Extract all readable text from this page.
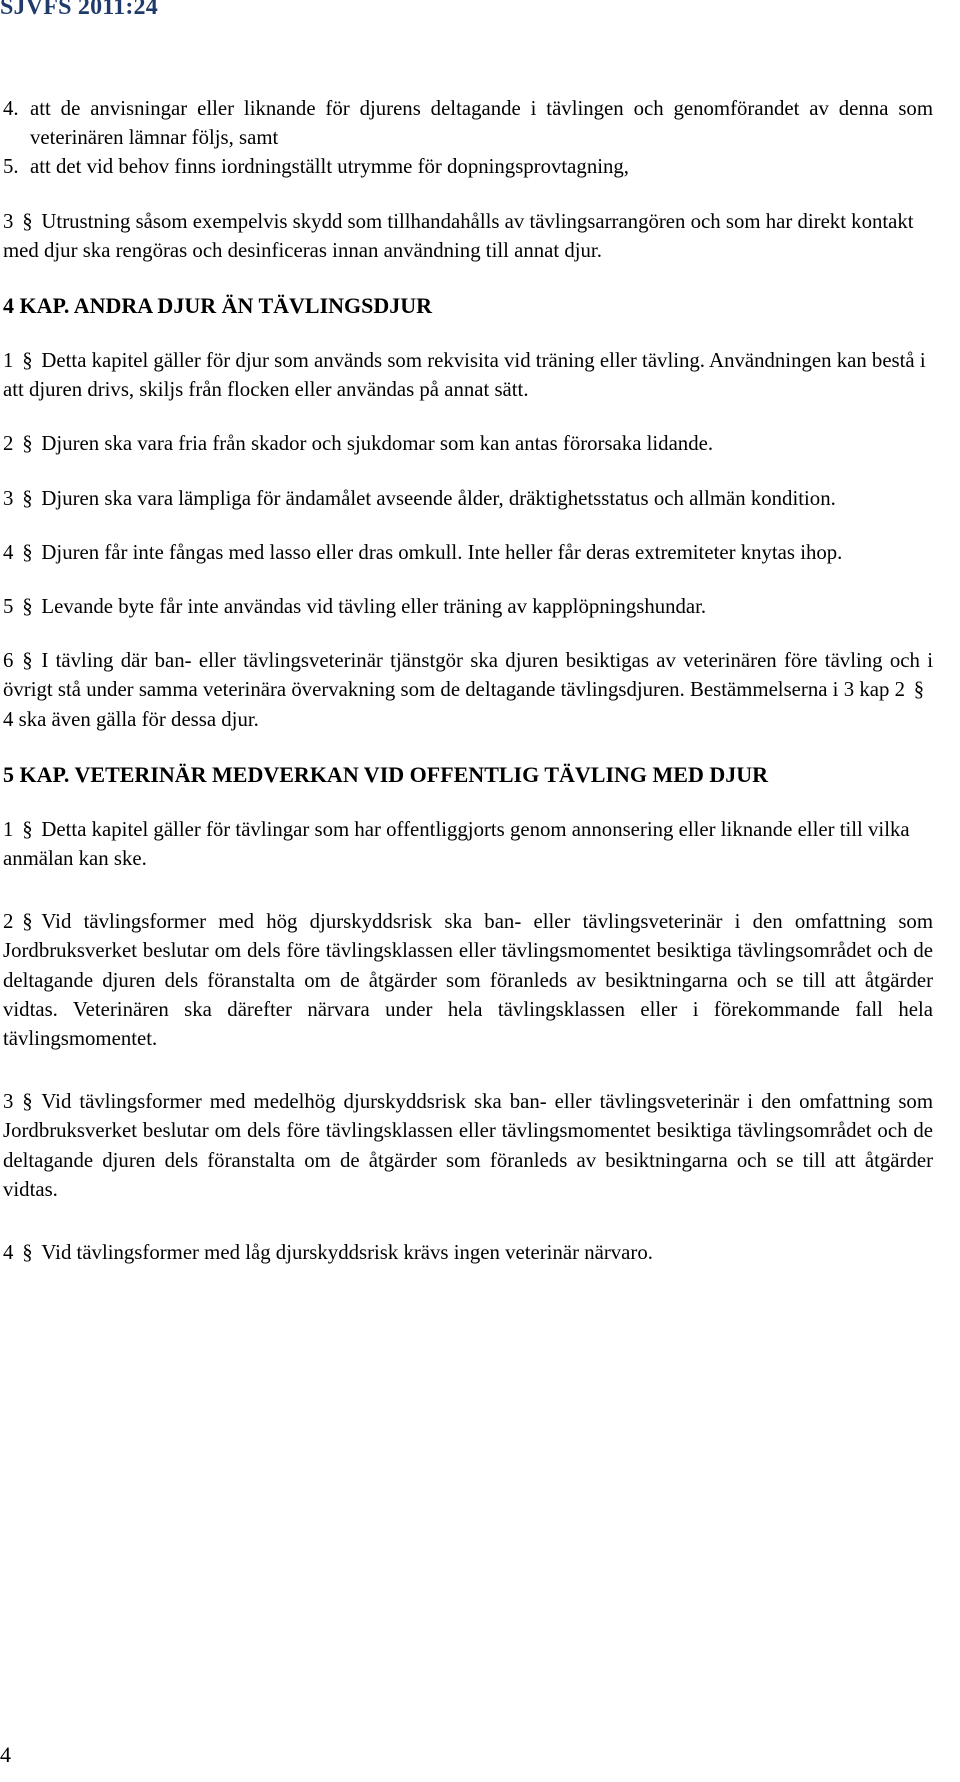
SJVFS 2011:24

4. att de anvisningar eller liknande för djurens deltagande i tävlingen och genomförandet av denna som veterinären lämnar följs, samt

5. att det vid behov finns iordningställt utrymme för dopningsprovtagning,

3 § Utrustning såsom exempelvis skydd som tillhandahålls av tävlingsarrangören och som har direkt kontakt med djur ska rengöras och desinficeras innan användning till annat djur.

4 KAP. ANDRA DJUR ÄN TÄVLINGSDJUR

1 § Detta kapitel gäller för djur som används som rekvisita vid träning eller tävling. Användningen kan bestå i att djuren drivs, skiljs från flocken eller användas på annat sätt.

2 § Djuren ska vara fria från skador och sjukdomar som kan antas förorsaka lidande.

3 § Djuren ska vara lämpliga för ändamålet avseende ålder, dräktighetsstatus och allmän kondition.

4 § Djuren får inte fångas med lasso eller dras omkull. Inte heller får deras extremiteter knytas ihop.

5 § Levande byte får inte användas vid tävling eller träning av kapplöpningshundar.

6 § I tävling där ban- eller tävlingsveterinär tjänstgör ska djuren besiktigas av veterinären före tävling och i övrigt stå under samma veterinära övervakning som de deltagande tävlingsdjuren. Bestämmelserna i 3 kap 2 §4 ska även gälla för dessa djur.

5 KAP. VETERINÄR MEDVERKAN VID OFFENTLIG TÄVLING MED DJUR

1 § Detta kapitel gäller för tävlingar som har offentliggjorts genom annonsering eller liknande eller till vilka anmälan kan ske.

2 § Vid tävlingsformer med hög djurskyddsrisk ska ban- eller tävlingsveterinär i den omfattning som Jordbruksverket beslutar om dels före tävlingsklassen eller tävlingsmomentet besiktiga tävlingsområdet och de deltagande djuren dels föranstalta om de åtgärder som föranleds av besiktningarna och se till att åtgärder vidtas. Veterinären ska därefter närvara under hela tävlingsklassen eller i förekommande fall hela tävlingsmomentet.

3 § Vid tävlingsformer med medelhög djurskyddsrisk ska ban- eller tävlingsveterinär i den omfattning som Jordbruksverket beslutar om dels före tävlingsklassen eller tävlingsmomentet besiktiga tävlingsområdet och de deltagande djuren dels föranstalta om de åtgärder som föranleds av besiktningarna och se till att åtgärder vidtas.

4 § Vid tävlingsformer med låg djurskyddsrisk krävs ingen veterinär närvaro.

4
